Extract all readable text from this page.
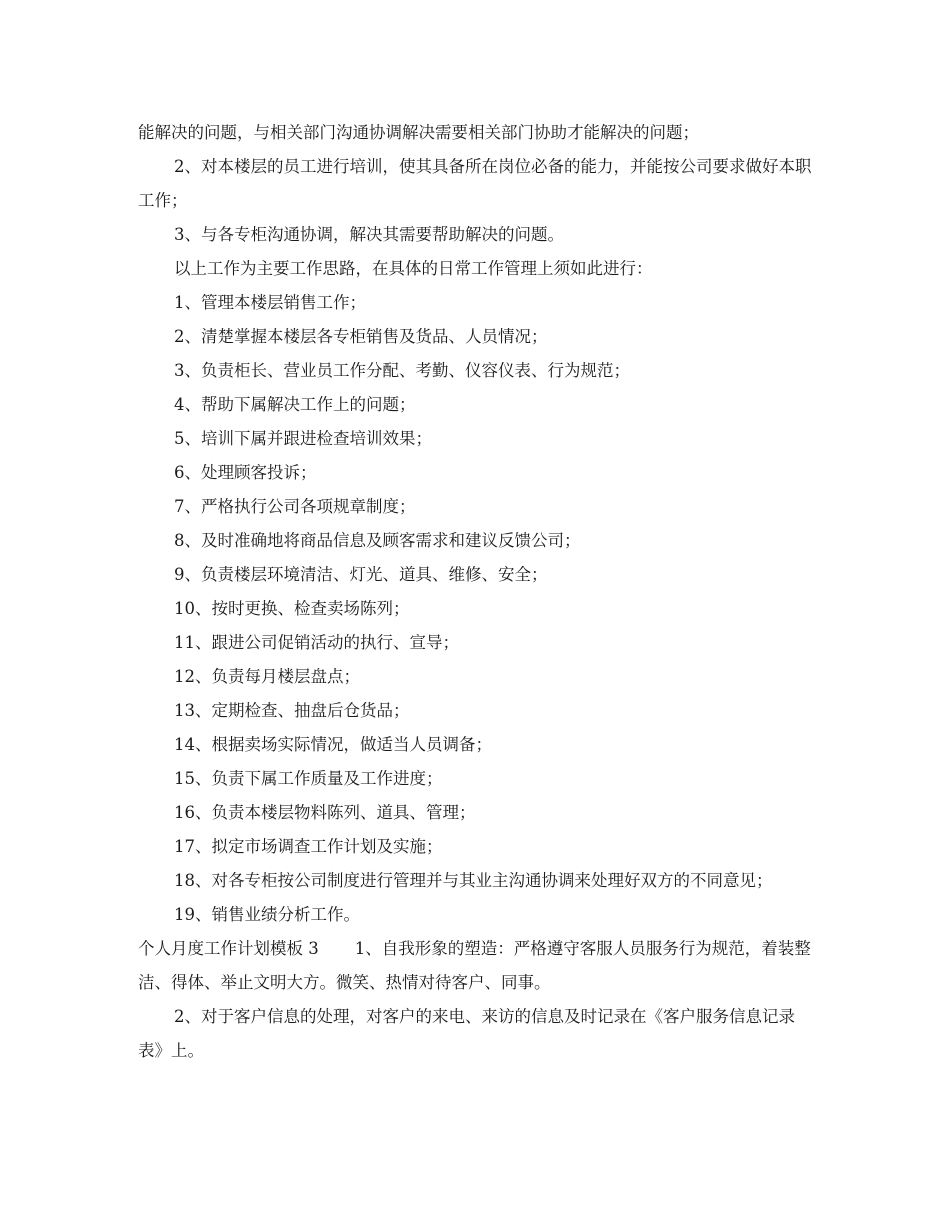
能解决的问题，与相关部门沟通协调解决需要相关部门协助才能解决的问题；

2、对本楼层的员工进行培训，使其具备所在岗位必备的能力，并能按公司要求做好本职工作；

3、与各专柜沟通协调，解决其需要帮助解决的问题。

以上工作为主要工作思路，在具体的日常工作管理上须如此进行：

1、管理本楼层销售工作；

2、清楚掌握本楼层各专柜销售及货品、人员情况；

3、负责柜长、营业员工作分配、考勤、仪容仪表、行为规范；

4、帮助下属解决工作上的问题；

5、培训下属并跟进检查培训效果；

6、处理顾客投诉；

7、严格执行公司各项规章制度；

8、及时准确地将商品信息及顾客需求和建议反馈公司；

9、负责楼层环境清洁、灯光、道具、维修、安全；

10、按时更换、检查卖场陈列；

11、跟进公司促销活动的执行、宣导；

12、负责每月楼层盘点；

13、定期检查、抽盘后仓货品；

14、根据卖场实际情况，做适当人员调备；

15、负责下属工作质量及工作进度；

16、负责本楼层物料陈列、道具、管理；

17、拟定市场调查工作计划及实施；

18、对各专柜按公司制度进行管理并与其业主沟通协调来处理好双方的不同意见；

19、销售业绩分析工作。

个人月度工作计划模板 3 1、自我形象的塑造：严格遵守客服人员服务行为规范，着装整洁、得体、举止文明大方。微笑、热情对待客户、同事。

2、对于客户信息的处理，对客户的来电、来访的信息及时记录在《客户服务信息记录表》上。
